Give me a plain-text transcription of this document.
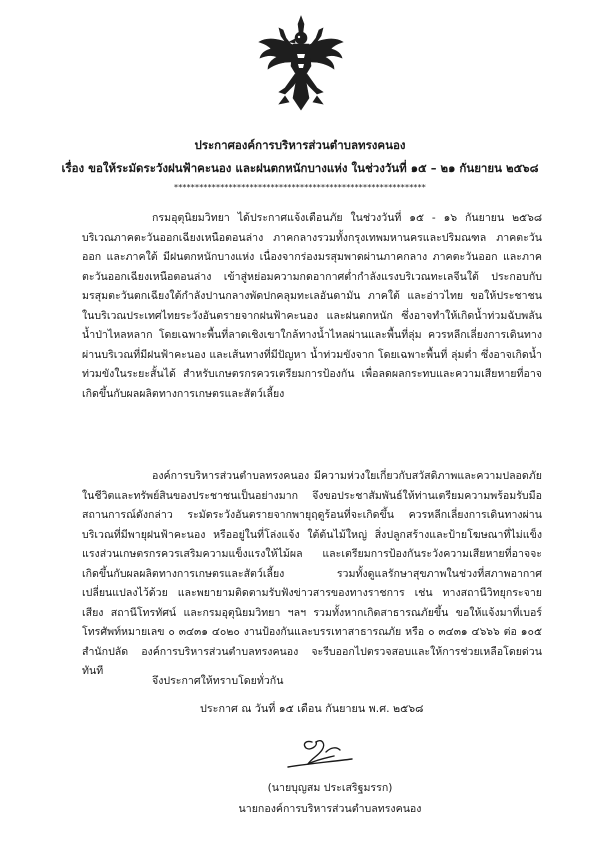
ประกาศองค์การบริหารส่วนตำบลทรงคนอง
เรื่อง ขอให้ระมัดระวังฝนฟ้าคะนอง และฝนตกหนักบางแห่ง ในช่วงวันที่ ๑๕ – ๒๑ กันยายน ๒๕๖๘
************************************************************
กรมอุตุนิยมวิทยา ได้ประกาศแจ้งเตือนภัย ในช่วงวันที่ ๑๕ - ๑๖ กันยายน ๒๕๖๘ บริเวณภาคตะวันออกเฉียงเหนือตอนล่าง ภาคกลางรวมทั้งกรุงเทพมหานครและปริมณฑล ภาคตะวันออก และภาคใต้ มีฝนตกหนักบางแห่ง เนื่องจากร่องมรสุมพาดผ่านภาคกลาง ภาคตะวันออก และภาคตะวันออกเฉียงเหนือตอนล่าง เข้าสู่หย่อมความกดอากาศต่ำกำลังแรงบริเวณทะเลจีนใต้ ประกอบกับมรสุมตะวันตกเฉียงใต้กำลังปานกลางพัดปกคลุมทะเลอันดามัน ภาคใต้ และอ่าวไทย ขอให้ประชาชนในบริเวณประเทศไทยระวังอันตรายจากฝนฟ้าคะนอง และฝนตกหนัก ซึ่งอาจทำให้เกิดน้ำท่วมฉับพลัน น้ำป่าไหลหลาก โดยเฉพาะพื้นที่ลาดเชิงเขาใกล้ทางน้ำไหลผ่านและพื้นที่ลุ่ม ควรหลีกเลี่ยงการเดินทางผ่านบริเวณที่มีฝนฟ้าคะนอง และเส้นทางที่มีปัญหา น้ำท่วมขังจาก โดยเฉพาะพื้นที่ ลุ่มต่ำ ซึ่งอาจเกิดน้ำท่วมขังในระยะสั้นได้ สำหรับเกษตรกรควรเตรียมการป้องกัน เพื่อลดผลกระทบและความเสียหายที่อาจเกิดขึ้นกับผลผลิตทางการเกษตรและสัตว์เลี้ยง
องค์การบริหารส่วนตำบลทรงคนอง มีความห่วงใยเกี่ยวกับสวัสดิภาพและความปลอดภัยในชีวิตและทรัพย์สินของประชาชนเป็นอย่างมาก จึงขอประชาสัมพันธ์ให้ท่านเตรียมความพร้อมรับมือสถานการณ์ดังกล่าว ระมัดระวังอันตรายจากพายุฤดูร้อนที่จะเกิดขึ้น ควรหลีกเลี่ยงการเดินทางผ่านบริเวณที่มีพายุฝนฟ้าคะนอง หรืออยู่ในที่โล่งแจ้ง ใต้ต้นไม้ใหญ่ สิ่งปลูกสร้างและป้ายโฆษณาที่ไม่แข็งแรงส่วนเกษตรกรควรเสริมความแข็งแรงให้ไม้ผล และเตรียมการป้องกันระวังความเสียหายที่อาจจะเกิดขึ้นกับผลผลิตทางการเกษตรและสัตว์เลี้ยง รวมทั้งดูแลรักษาสุขภาพในช่วงที่สภาพอากาศเปลี่ยนแปลงไว้ด้วย และพยายามติดตามรับฟังข่าวสารของทางราชการ เช่น ทางสถานีวิทยุกระจายเสียง สถานีโทรทัศน์ และกรมอุตุนิยมวิทยา ฯลฯ รวมทั้งหากเกิดสาธารณภัยขึ้น ขอให้แจ้งมาที่เบอร์โทรศัพท์หมายเลข ๐ ๓๔๓๑ ๔๐๒๐ งานป้องกันและบรรเทาสาธารณภัย หรือ ๐ ๓๔๓๑ ๔๖๖๖ ต่อ ๑๐๕ สำนักปลัด องค์การบริหารส่วนตำบลทรงคนอง จะรีบออกไปตรวจสอบและให้การช่วยเหลือโดยด่วนทันที
จึงประกาศให้ทราบโดยทั่วกัน
ประกาศ ณ วันที่ ๑๕ เดือน กันยายน พ.ศ. ๒๕๖๘
(นายบุญสม ประเสริฐมรรก)
นายกองค์การบริหารส่วนตำบลทรงคนอง
